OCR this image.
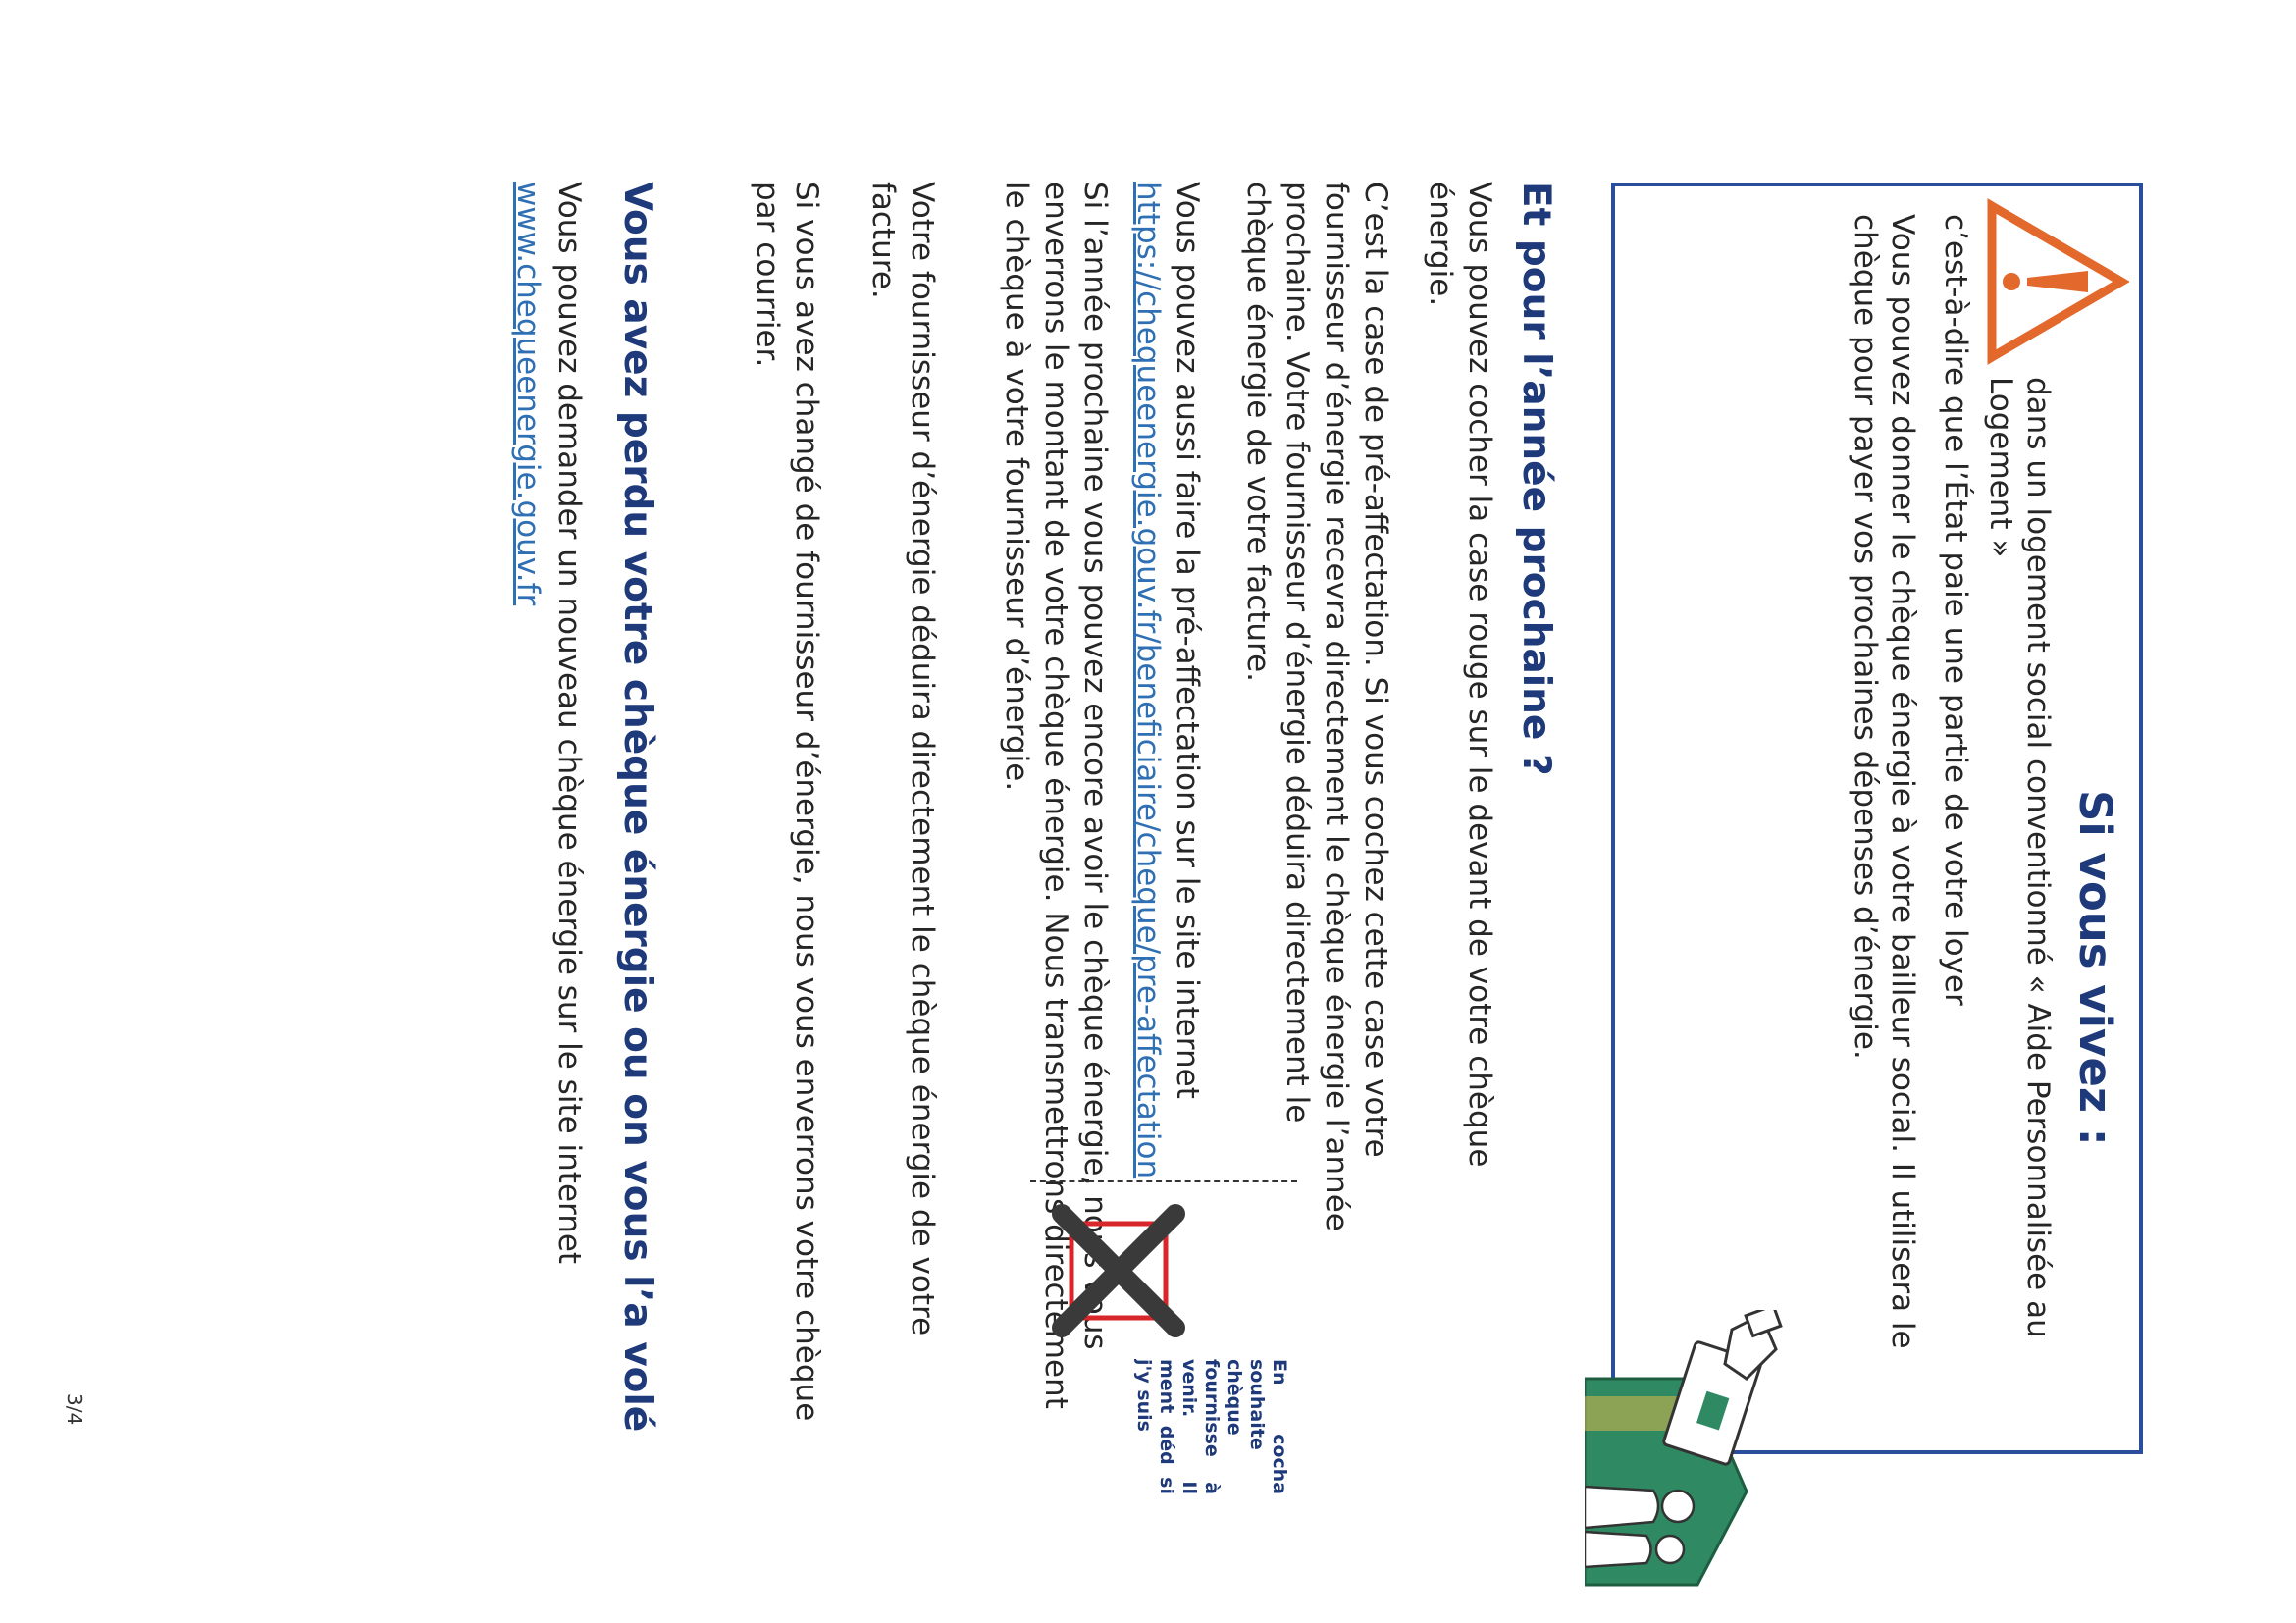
Si vous vivez :
dans un logement social conventionné « Aide Personnalisée au Logement »
c’est-à-dire que l’État paie une partie de votre loyer
Vous pouvez donner le chèque énergie à votre bailleur social. Il utilisera le chèque pour payer vos prochaines dépenses d’énergie.
Et pour l’année prochaine ?
Vous pouvez cocher la case rouge sur le devant de votre chèque énergie.
C’est la case de pré-affectation. Si vous cochez cette case votre fournisseur d’énergie recevra directement le chèque énergie l’année prochaine. Votre fournisseur d’énergie déduira directement le chèque énergie de votre facture.
Vous pouvez aussi faire la pré-affectation sur le site internet
https://chequeenergie.gouv.fr/beneficiaire/cheque/pre-affectation
Si l’année prochaine vous pouvez encore avoir le chèque énergie, nous vous enverrons le montant de votre chèque énergie. Nous transmettrons directement le chèque à votre fournisseur d’énergie.
Votre fournisseur d’énergie déduira directement le chèque énergie de votre facture.
Si vous avez changé de fournisseur d’énergie, nous vous enverrons votre chèque par courrier.
En cocha souhaite chèque fournisse à venir. Il ment déd si j'y suis
Vous avez perdu votre chèque énergie ou on vous l’a volé
Vous pouvez demander un nouveau chèque énergie sur le site internet
www.chequeenergie.gouv.fr
3/4
